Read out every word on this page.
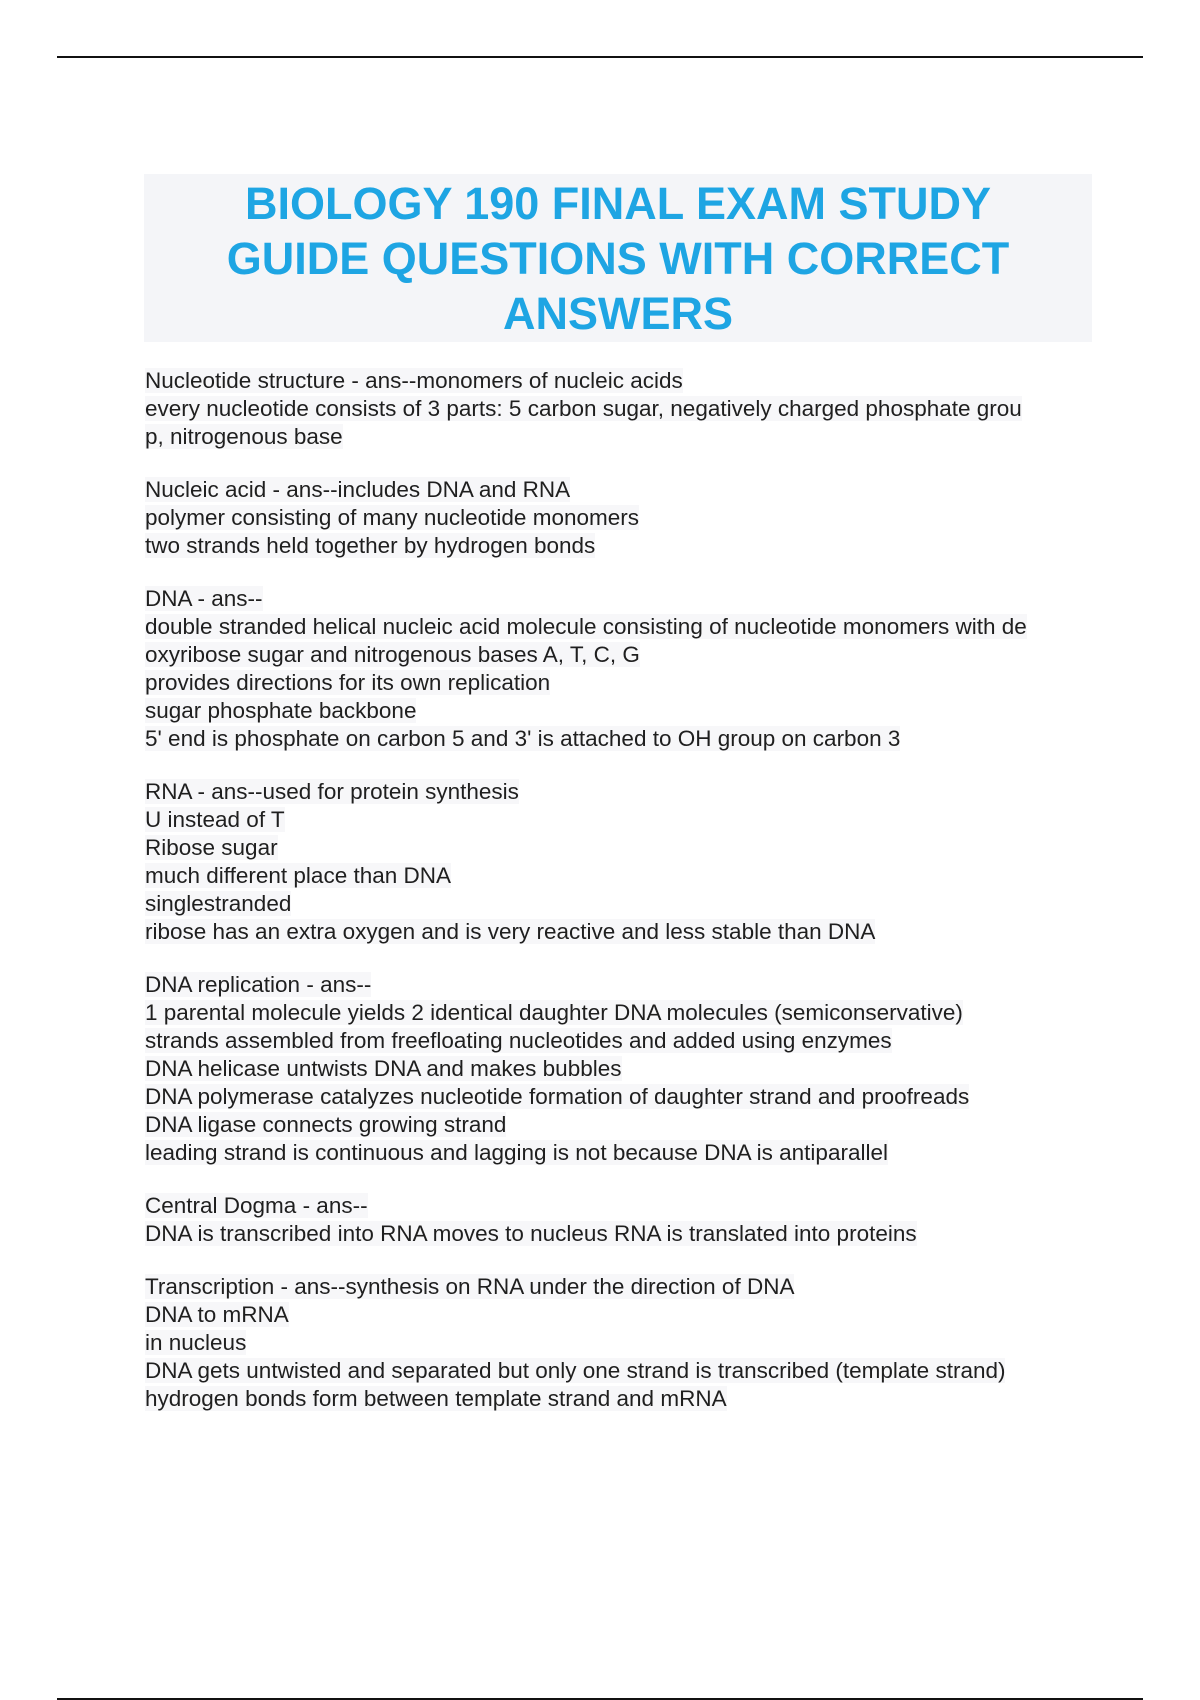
BIOLOGY 190 FINAL EXAM STUDY
GUIDE QUESTIONS WITH CORRECT
ANSWERS
Nucleotide structure - ans--monomers of nucleic acids
every nucleotide consists of 3 parts: 5 carbon sugar, negatively charged phosphate grou
p, nitrogenous base
Nucleic acid - ans--includes DNA and RNA
polymer consisting of many nucleotide monomers
two strands held together by hydrogen bonds
DNA - ans--
double stranded helical nucleic acid molecule consisting of nucleotide monomers with de
oxyribose sugar and nitrogenous bases A, T, C, G
provides directions for its own replication
sugar phosphate backbone
5' end is phosphate on carbon 5 and 3' is attached to OH group on carbon 3
RNA - ans--used for protein synthesis
U instead of T
Ribose sugar
much different place than DNA
singlestranded
ribose has an extra oxygen and is very reactive and less stable than DNA
DNA replication - ans--
1 parental molecule yields 2 identical daughter DNA molecules (semiconservative)
strands assembled from freefloating nucleotides and added using enzymes
DNA helicase untwists DNA and makes bubbles
DNA polymerase catalyzes nucleotide formation of daughter strand and proofreads
DNA ligase connects growing strand
leading strand is continuous and lagging is not because DNA is antiparallel
Central Dogma - ans--
DNA is transcribed into RNA moves to nucleus RNA is translated into proteins
Transcription - ans--synthesis on RNA under the direction of DNA
DNA to mRNA
in nucleus
DNA gets untwisted and separated but only one strand is transcribed (template strand)
hydrogen bonds form between template strand and mRNA
